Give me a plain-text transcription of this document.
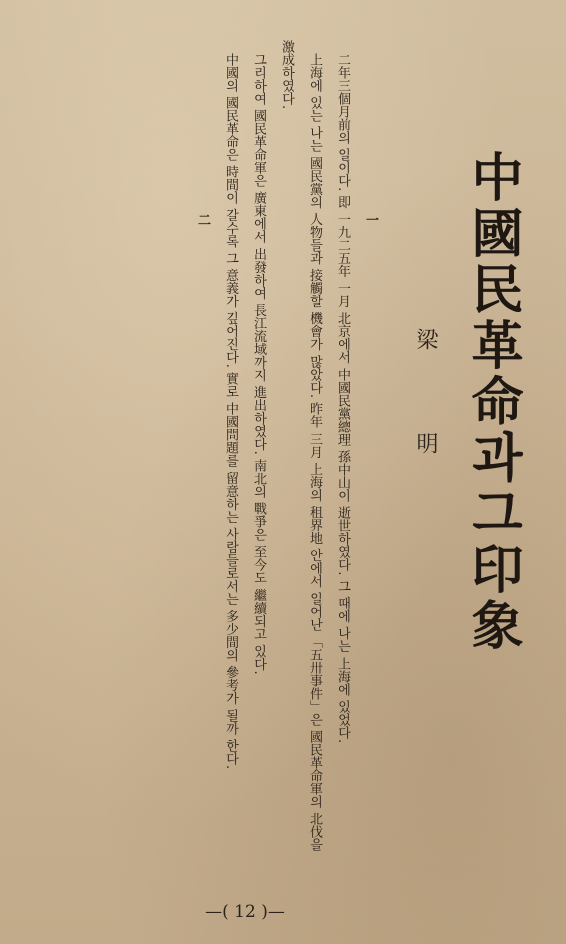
中國民革命과그印象
梁明

一

二年三個月前의 일이다. 即 一九二五年 一月 北京에서 中國民黨總理 孫中山이 逝世하였다. 그 때에 나는 上海에 있었다.

上海에 있는 나는 國民黨의 人物들과 接觸할 機會가 많았다. 昨年 三月 上海의 租界地 안에서 일어난 「五卅事件」은 國民革命軍의 北伐을 激成하였다.

그리하여 國民革命軍은 廣東에서 出發하여 長江流域까지 進出하였다. 南北의 戰爭은 至今도 繼續되고 있다.

中國의 國民革命은 時間이 갈수록 그 意義가 깊어진다. 實로 中國問題를 留意하는 사람들로서는 多少間의 參考가 될까 한다.

二

—( 12 )—
